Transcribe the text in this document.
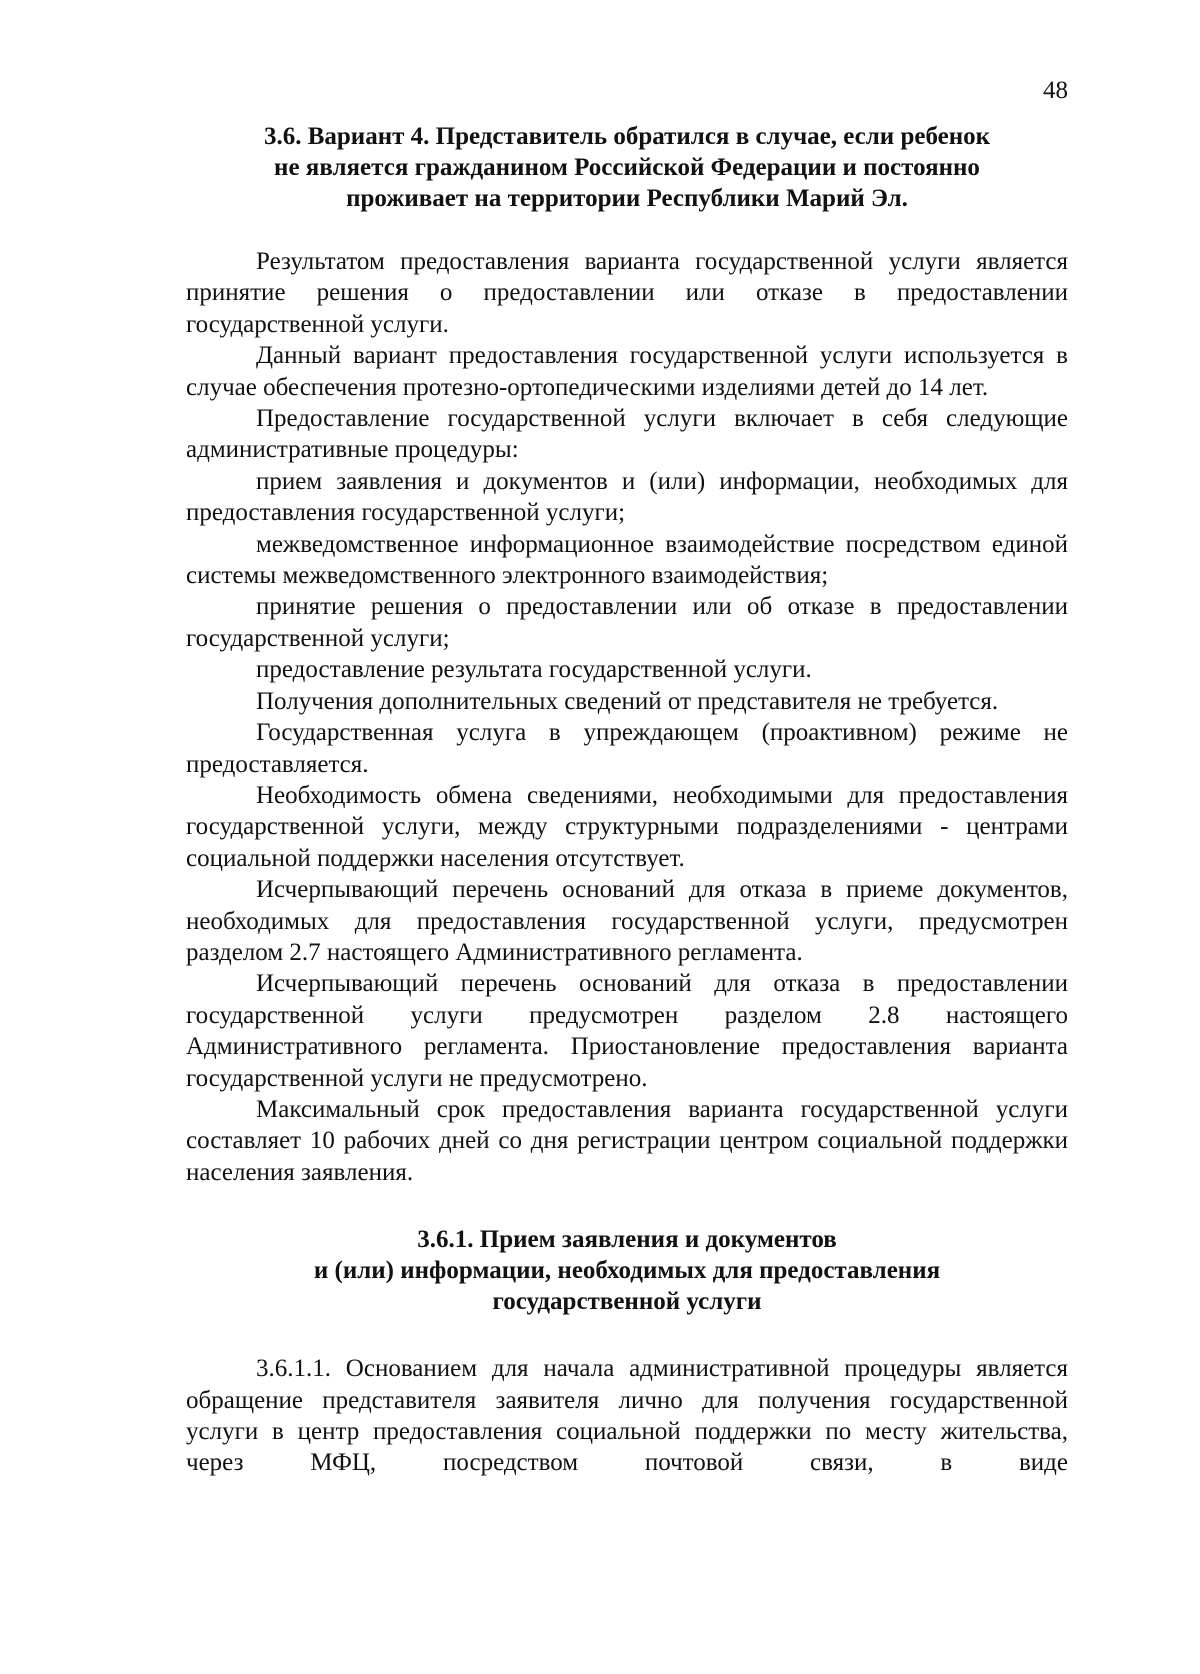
48
3.6. Вариант 4. Представитель обратился в случае, если ребенок
не является гражданином Российской Федерации и постоянно
проживает на территории Республики Марий Эл.

Результатом предоставления варианта государственной услуги является принятие решения о предоставлении или отказе в предоставлении государственной услуги.

Данный вариант предоставления государственной услуги используется в случае обеспечения протезно-ортопедическими изделиями детей до 14 лет.

Предоставление государственной услуги включает в себя следующие административные процедуры:

прием заявления и документов и (или) информации, необходимых для предоставления государственной услуги;

межведомственное информационное взаимодействие посредством единой системы межведомственного электронного взаимодействия;

принятие решения о предоставлении или об отказе в предоставлении государственной услуги;

предоставление результата государственной услуги.

Получения дополнительных сведений от представителя не требуется.

Государственная услуга в упреждающем (проактивном) режиме не предоставляется.

Необходимость обмена сведениями, необходимыми для предоставления государственной услуги, между структурными подразделениями - центрами социальной поддержки населения отсутствует.

Исчерпывающий перечень оснований для отказа в приеме документов, необходимых для предоставления государственной услуги, предусмотрен разделом 2.7 настоящего Административного регламента.

Исчерпывающий перечень оснований для отказа в предоставлении государственной услуги предусмотрен разделом 2.8 настоящего Административного регламента. Приостановление предоставления варианта государственной услуги не предусмотрено.

Максимальный срок предоставления варианта государственной услуги составляет 10 рабочих дней со дня регистрации центром социальной поддержки населения заявления.

3.6.1. Прием заявления и документов
и (или) информации, необходимых для предоставления
государственной услуги

3.6.1.1. Основанием для начала административной процедуры является обращение представителя заявителя лично для получения государственной услуги в центр предоставления социальной поддержки по месту жительства, через МФЦ, посредством почтовой связи, в виде
